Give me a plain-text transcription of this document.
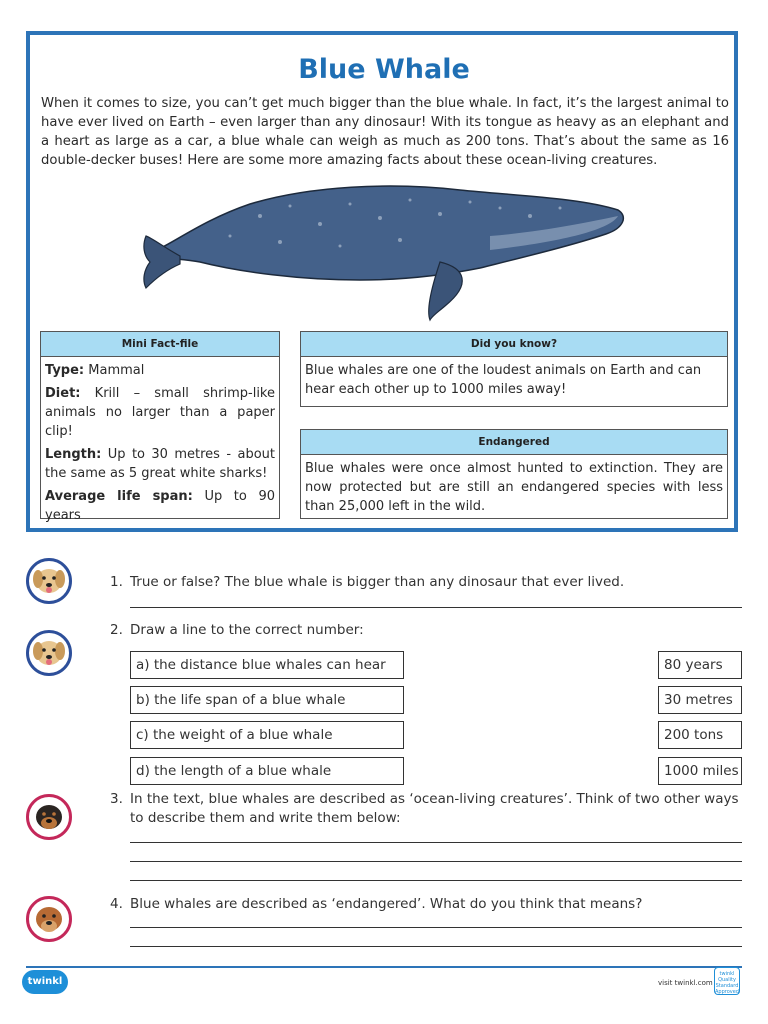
Blue Whale
When it comes to size, you can’t get much bigger than the blue whale. In fact, it’s the largest animal to have ever lived on Earth – even larger than any dinosaur! With its tongue as heavy as an elephant and a heart as large as a car, a blue whale can weigh as much as 200 tons. That’s about the same as 16 double-decker buses! Here are some more amazing facts about these ocean-living creatures.
Mini Fact-file

Type: Mammal

Diet: Krill – small shrimp-like animals no larger than a paper clip!

Length: Up to 30 metres - about the same as 5 great white sharks!

Average life span: Up to 90 years

Did you know?
Blue whales are one of the loudest animals on Earth and can hear each other up to 1000 miles away!
Endangered
Blue whales were once almost hunted to extinction. They are now protected but are still an endangered species with less than 25,000 left in the wild.
1. True or false? The blue whale is bigger than any dinosaur that ever lived.
2. Draw a line to the correct number:
a) the distance blue whales can hear
b) the life span of a blue whale
c) the weight of a blue whale
d) the length of a blue whale
80 years
30 metres
200 tons
1000 miles
3. In the text, blue whales are described as ‘ocean-living creatures’. Think of two other ways to describe them and write them below:
4. Blue whales are described as ‘endangered’. What do you think that means?
twinkl	visit twinkl.com
twinkl Quality Standard Approved
